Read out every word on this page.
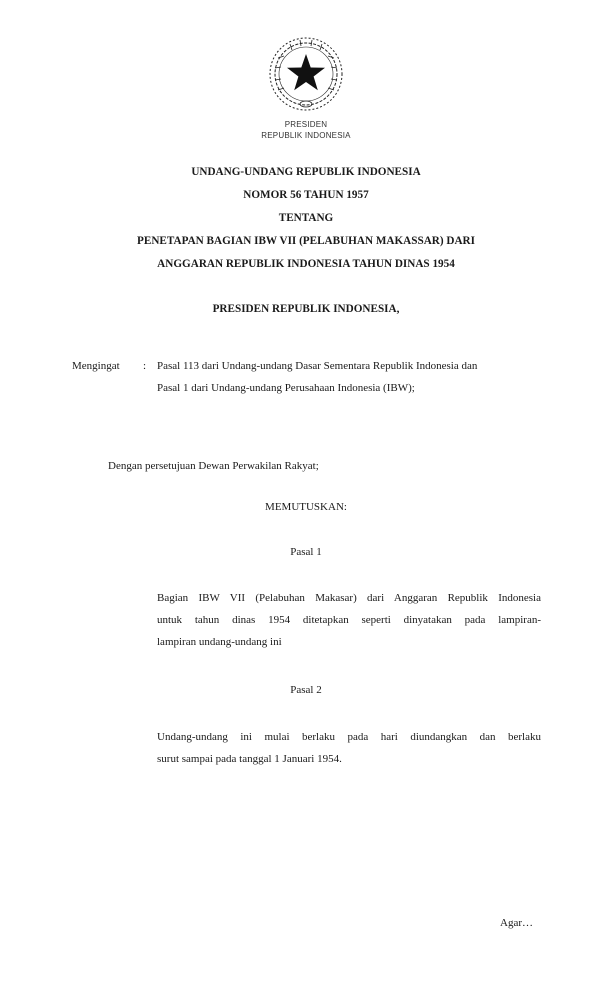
PRESIDEN
REPUBLIK INDONESIA
UNDANG-UNDANG REPUBLIK INDONESIA
NOMOR 56 TAHUN 1957
TENTANG
PENETAPAN BAGIAN IBW VII (PELABUHAN MAKASSAR) DARI
ANGGARAN REPUBLIK INDONESIA TAHUN DINAS 1954
PRESIDEN REPUBLIK INDONESIA,
Mengingat : Pasal 113 dari Undang-undang Dasar Sementara Republik Indonesia dan
Pasal 1 dari Undang-undang Perusahaan Indonesia (IBW);
Dengan persetujuan Dewan Perwakilan Rakyat;
MEMUTUSKAN:
Pasal 1
Bagian IBW VII (Pelabuhan Makasar) dari Anggaran Republik Indonesia
untuk tahun dinas 1954 ditetapkan seperti dinyatakan pada lampiran-
lampiran undang-undang ini
Pasal 2
Undang-undang ini mulai berlaku pada hari diundangkan dan berlaku
surut sampai pada tanggal 1 Januari 1954.
Agar…
